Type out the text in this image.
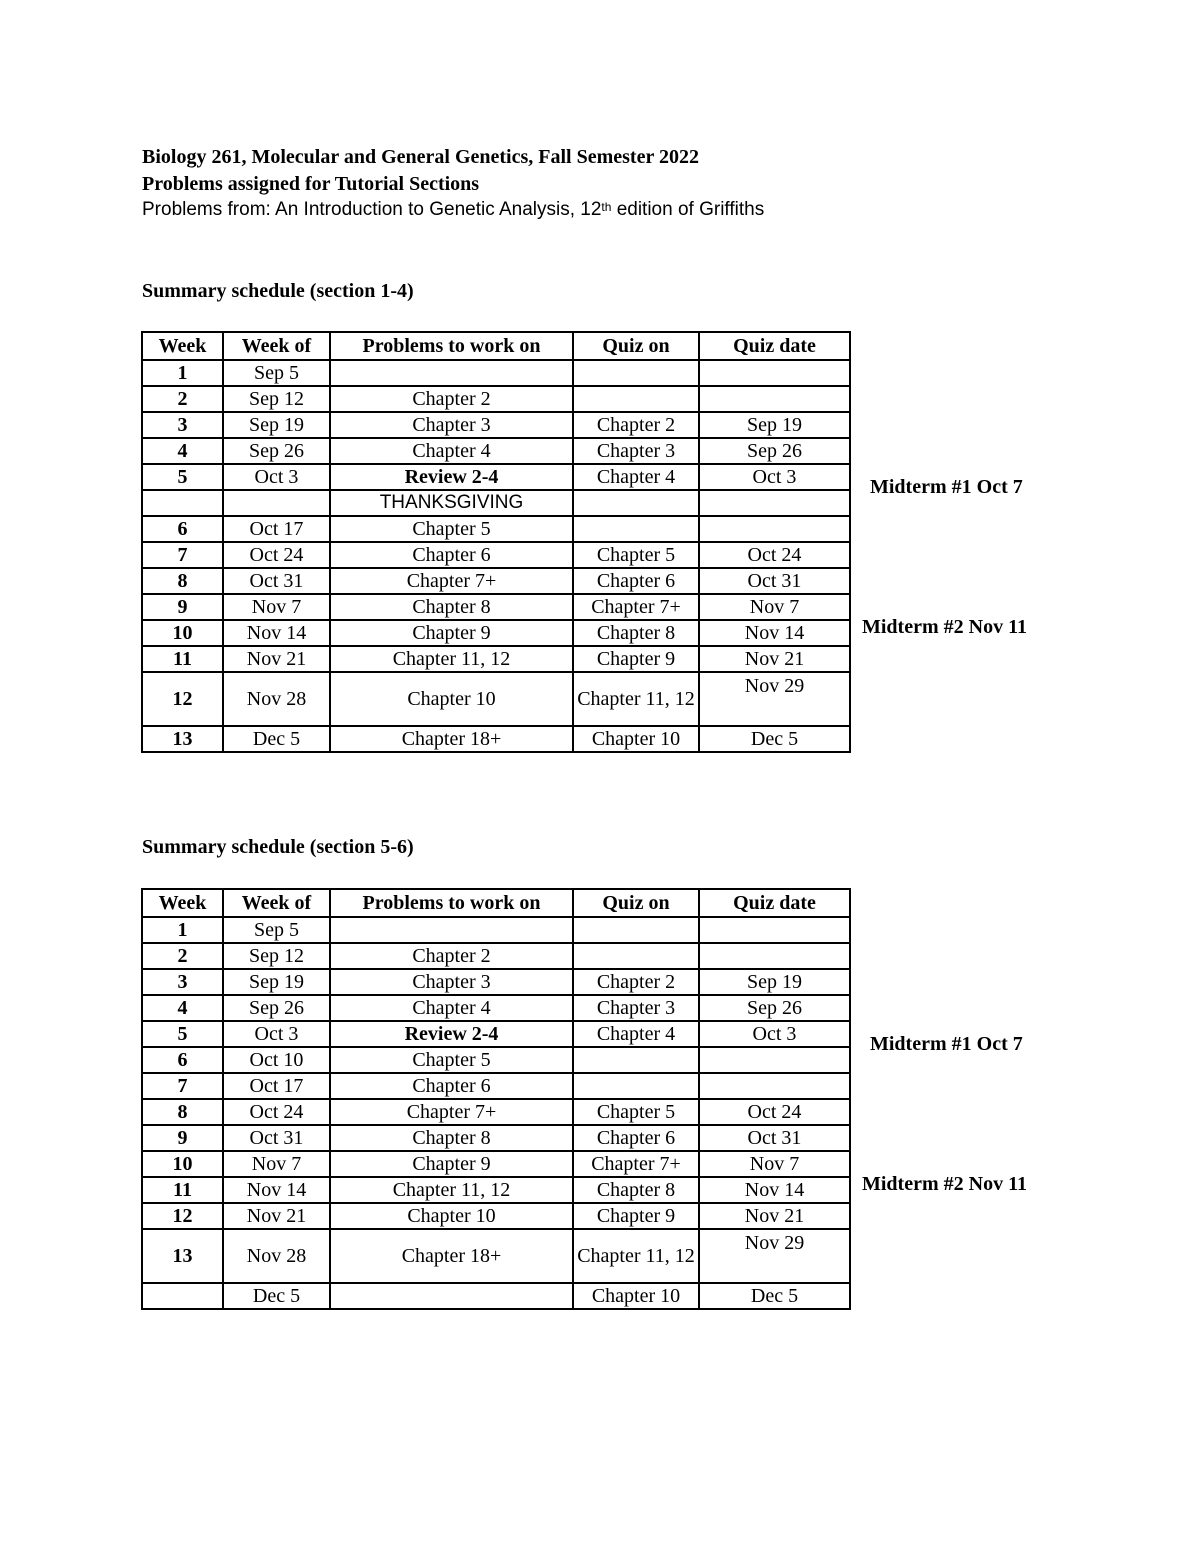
Biology 261, Molecular and General Genetics, Fall Semester 2022
Problems assigned for Tutorial Sections
Problems from: An Introduction to Genetic Analysis, 12th edition of Griffiths
Summary schedule (section 1-4)
Week	Week of	Problems to work on	Quiz on	Quiz date
1	Sep 5			
2	Sep 12	Chapter 2		
3	Sep 19	Chapter 3	Chapter 2	Sep 19
4	Sep 26	Chapter 4	Chapter 3	Sep 26
5	Oct 3	Review 2-4	Chapter 4	Oct 3
		THANKSGIVING		
6	Oct 17	Chapter 5		
7	Oct 24	Chapter 6	Chapter 5	Oct 24
8	Oct 31	Chapter 7+	Chapter 6	Oct 31
9	Nov 7	Chapter 8	Chapter 7+	Nov 7
10	Nov 14	Chapter 9	Chapter 8	Nov 14
11	Nov 21	Chapter 11, 12	Chapter 9	Nov 21
12	Nov 28	Chapter 10	Chapter 11, 12	Nov 29
13	Dec 5	Chapter 18+	Chapter 10	Dec 5
Midterm #1 Oct 7
Midterm #2 Nov 11
Summary schedule (section 5-6)
Week	Week of	Problems to work on	Quiz on	Quiz date
1	Sep 5			
2	Sep 12	Chapter 2		
3	Sep 19	Chapter 3	Chapter 2	Sep 19
4	Sep 26	Chapter 4	Chapter 3	Sep 26
5	Oct 3	Review 2-4	Chapter 4	Oct 3
6	Oct 10	Chapter 5		
7	Oct 17	Chapter 6		
8	Oct 24	Chapter 7+	Chapter 5	Oct 24
9	Oct 31	Chapter 8	Chapter 6	Oct 31
10	Nov 7	Chapter 9	Chapter 7+	Nov 7
11	Nov 14	Chapter 11, 12	Chapter 8	Nov 14
12	Nov 21	Chapter 10	Chapter 9	Nov 21
13	Nov 28	Chapter 18+	Chapter 11, 12	Nov 29
	Dec 5		Chapter 10	Dec 5
Midterm #1 Oct 7
Midterm #2 Nov 11
